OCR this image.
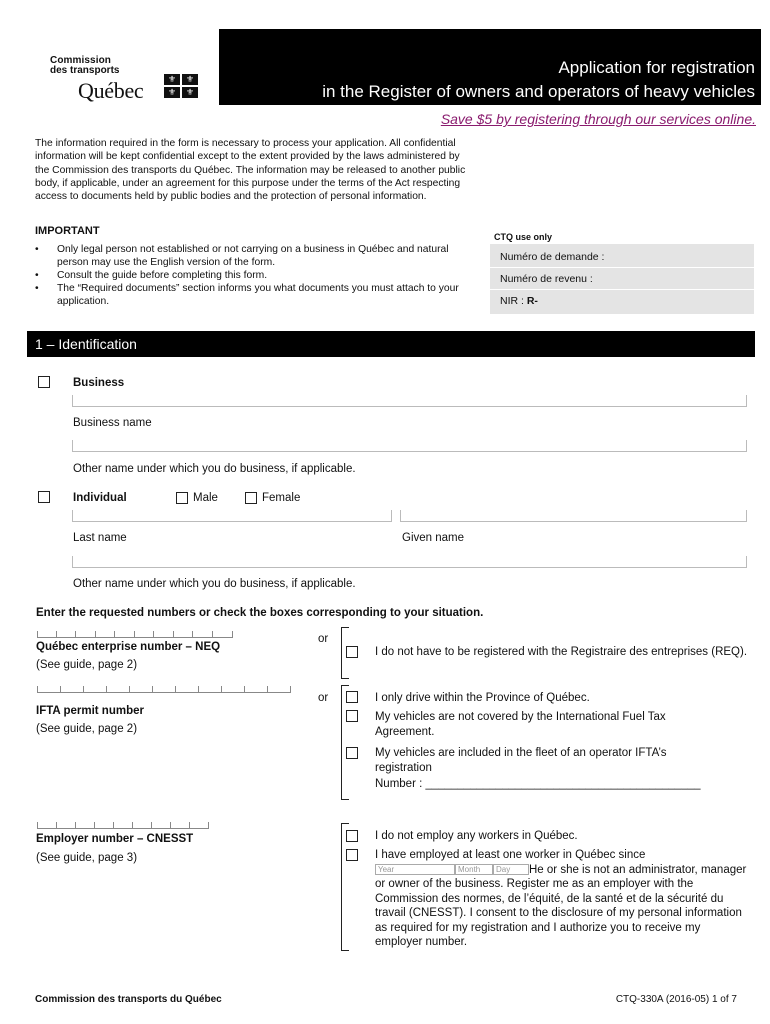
Commission
des transports
Québec	⚜	⚜
⚜	⚜
Application for registration
in the Register of owners and operators of heavy vehicles
Save $5 by registering through our services online.
The information required in the form is necessary to process your application. All confidential information will be kept confidential except to the extent provided by the laws administered by the Commission des transports du Québec. The information may be released to another public body, if applicable, under an agreement for this purpose under the terms of the Act respecting access to documents held by public bodies and the protection of personal information.
IMPORTANT
• Only legal person not established or not carrying on a business in Québec and natural person may use the English version of the form.
• Consult the guide before completing this form.
• The “Required documents” section informs you what documents you must attach to your application.
CTQ use only
Numéro de demande :
Numéro de revenu :
NIR : R-
1 – Identification
Business
Business name
Other name under which you do business, if applicable.
Individual	Male	Female
Last name	Given name
Other name under which you do business, if applicable.
Enter the requested numbers or check the boxes corresponding to your situation.
Québec enterprise number – NEQ
(See guide, page 2)
or
I do not have to be registered with the Registraire des entreprises (REQ).
IFTA permit number
(See guide, page 2)
or	I only drive within the Province of Québec.
My vehicles are not covered by the International Fuel Tax Agreement.
My vehicles are included in the fleet of an operator IFTA’s registration
Number : ___________________________________________
Employer number – CNESST
(See guide, page 3)
I do not employ any workers in Québec.
I have employed at least one worker in Québec since
Year	Month Day He or she is not an administrator, manager or owner of the business. Register me as an employer with the Commission des normes, de l’équité, de la santé et de la sécurité du travail (CNESST). I consent to the disclosure of my personal information as required for my registration and I authorize you to receive my employer number.
Commission des transports du Québec	CTQ-330A (2016-05) 1 of 7
